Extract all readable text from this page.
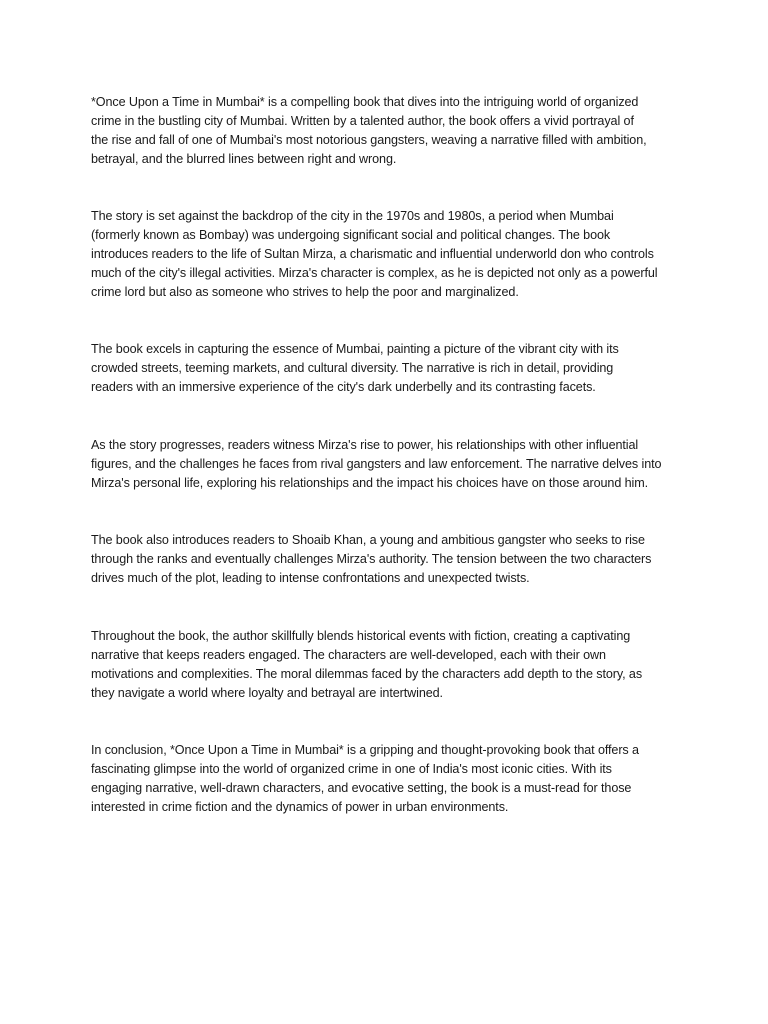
*Once Upon a Time in Mumbai* is a compelling book that dives into the intriguing world of organized
crime in the bustling city of Mumbai. Written by a talented author, the book offers a vivid portrayal of
the rise and fall of one of Mumbai's most notorious gangsters, weaving a narrative filled with ambition,
betrayal, and the blurred lines between right and wrong.

The story is set against the backdrop of the city in the 1970s and 1980s, a period when Mumbai
(formerly known as Bombay) was undergoing significant social and political changes. The book
introduces readers to the life of Sultan Mirza, a charismatic and influential underworld don who controls
much of the city's illegal activities. Mirza's character is complex, as he is depicted not only as a powerful
crime lord but also as someone who strives to help the poor and marginalized.

The book excels in capturing the essence of Mumbai, painting a picture of the vibrant city with its
crowded streets, teeming markets, and cultural diversity. The narrative is rich in detail, providing
readers with an immersive experience of the city's dark underbelly and its contrasting facets.

As the story progresses, readers witness Mirza's rise to power, his relationships with other influential
figures, and the challenges he faces from rival gangsters and law enforcement. The narrative delves into
Mirza's personal life, exploring his relationships and the impact his choices have on those around him.

The book also introduces readers to Shoaib Khan, a young and ambitious gangster who seeks to rise
through the ranks and eventually challenges Mirza's authority. The tension between the two characters
drives much of the plot, leading to intense confrontations and unexpected twists.

Throughout the book, the author skillfully blends historical events with fiction, creating a captivating
narrative that keeps readers engaged. The characters are well-developed, each with their own
motivations and complexities. The moral dilemmas faced by the characters add depth to the story, as
they navigate a world where loyalty and betrayal are intertwined.

In conclusion, *Once Upon a Time in Mumbai* is a gripping and thought-provoking book that offers a
fascinating glimpse into the world of organized crime in one of India's most iconic cities. With its
engaging narrative, well-drawn characters, and evocative setting, the book is a must-read for those
interested in crime fiction and the dynamics of power in urban environments.
